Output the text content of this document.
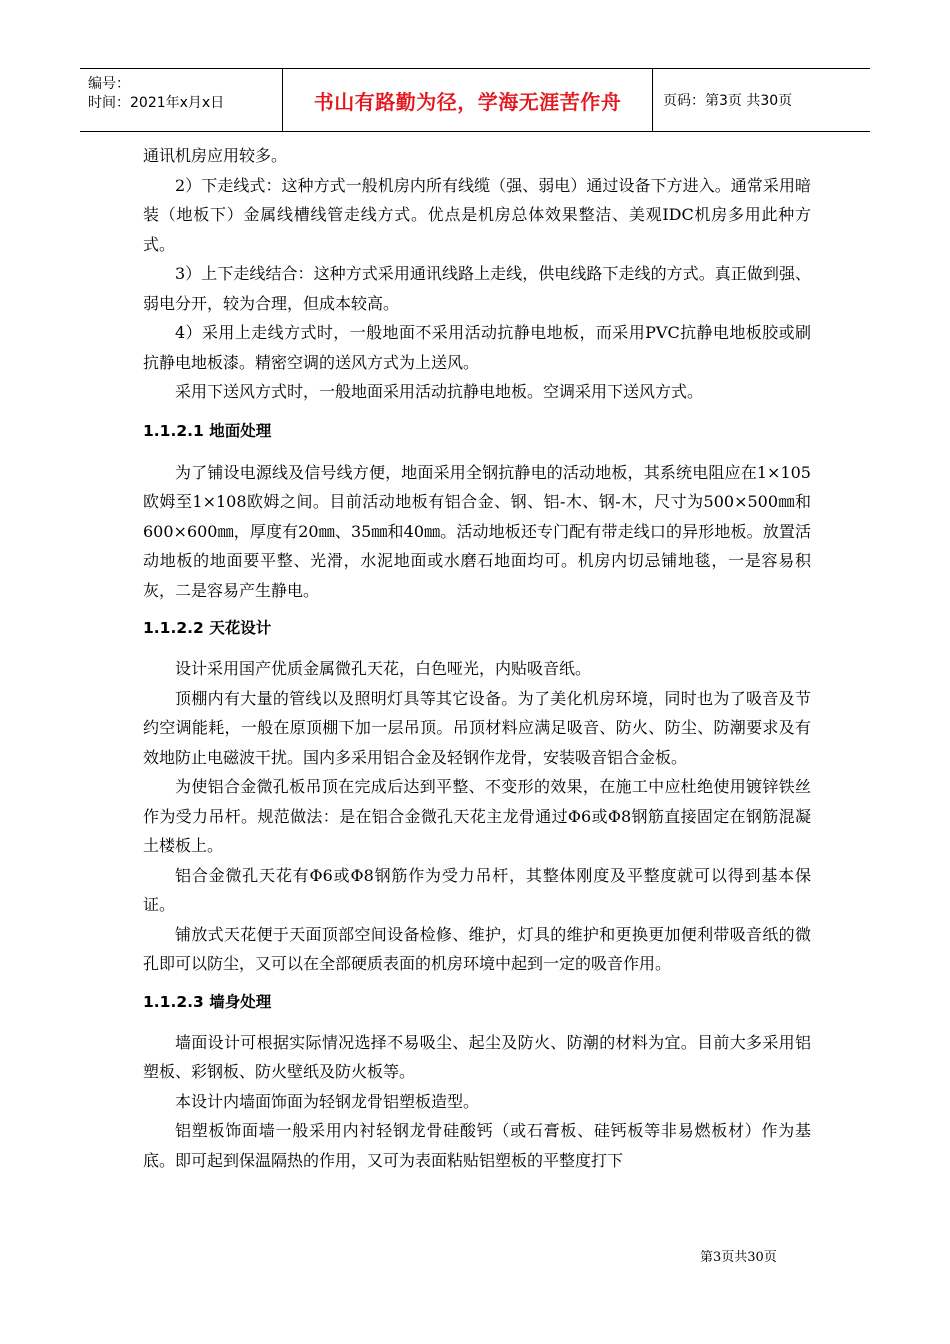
编号：
时间：2021年x月x日	书山有路勤为径，学海无涯苦作舟	页码：第3页 共30页

通讯机房应用较多。

2）下走线式：这种方式一般机房内所有线缆（强、弱电）通过设备下方进入。通常采用暗装（地板下）金属线槽线管走线方式。优点是机房总体效果整洁、美观IDC机房多用此种方式。

3）上下走线结合：这种方式采用通讯线路上走线，供电线路下走线的方式。真正做到强、弱电分开，较为合理，但成本较高。

4）采用上走线方式时，一般地面不采用活动抗静电地板，而采用PVC抗静电地板胶或刷抗静电地板漆。精密空调的送风方式为上送风。

采用下送风方式时，一般地面采用活动抗静电地板。空调采用下送风方式。

1.1.2.1 地面处理

为了铺设电源线及信号线方便，地面采用全钢抗静电的活动地板，其系统电阻应在1×105欧姆至1×108欧姆之间。目前活动地板有铝合金、钢、铝-木、钢-木，尺寸为500×500㎜和600×600㎜，厚度有20㎜、35㎜和40㎜。活动地板还专门配有带走线口的异形地板。放置活动地板的地面要平整、光滑，水泥地面或水磨石地面均可。机房内切忌铺地毯，一是容易积灰，二是容易产生静电。

1.1.2.2 天花设计

设计采用国产优质金属微孔天花，白色哑光，内贴吸音纸。

顶棚内有大量的管线以及照明灯具等其它设备。为了美化机房环境，同时也为了吸音及节约空调能耗，一般在原顶棚下加一层吊顶。吊顶材料应满足吸音、防火、防尘、防潮要求及有效地防止电磁波干扰。国内多采用铝合金及轻钢作龙骨，安装吸音铝合金板。

为使铝合金微孔板吊顶在完成后达到平整、不变形的效果，在施工中应杜绝使用镀锌铁丝作为受力吊杆。规范做法：是在铝合金微孔天花主龙骨通过Φ6或Φ8钢筋直接固定在钢筋混凝土楼板上。

铝合金微孔天花有Φ6或Φ8钢筋作为受力吊杆，其整体刚度及平整度就可以得到基本保证。

铺放式天花便于天面顶部空间设备检修、维护，灯具的维护和更换更加便利带吸音纸的微孔即可以防尘，又可以在全部硬质表面的机房环境中起到一定的吸音作用。

1.1.2.3 墙身处理

墙面设计可根据实际情况选择不易吸尘、起尘及防火、防潮的材料为宜。目前大多采用铝塑板、彩钢板、防火壁纸及防火板等。

本设计内墙面饰面为轻钢龙骨铝塑板造型。

铝塑板饰面墙一般采用内衬轻钢龙骨硅酸钙（或石膏板、硅钙板等非易燃板材）作为基底。即可起到保温隔热的作用，又可为表面粘贴铝塑板的平整度打下

第3页共30页
